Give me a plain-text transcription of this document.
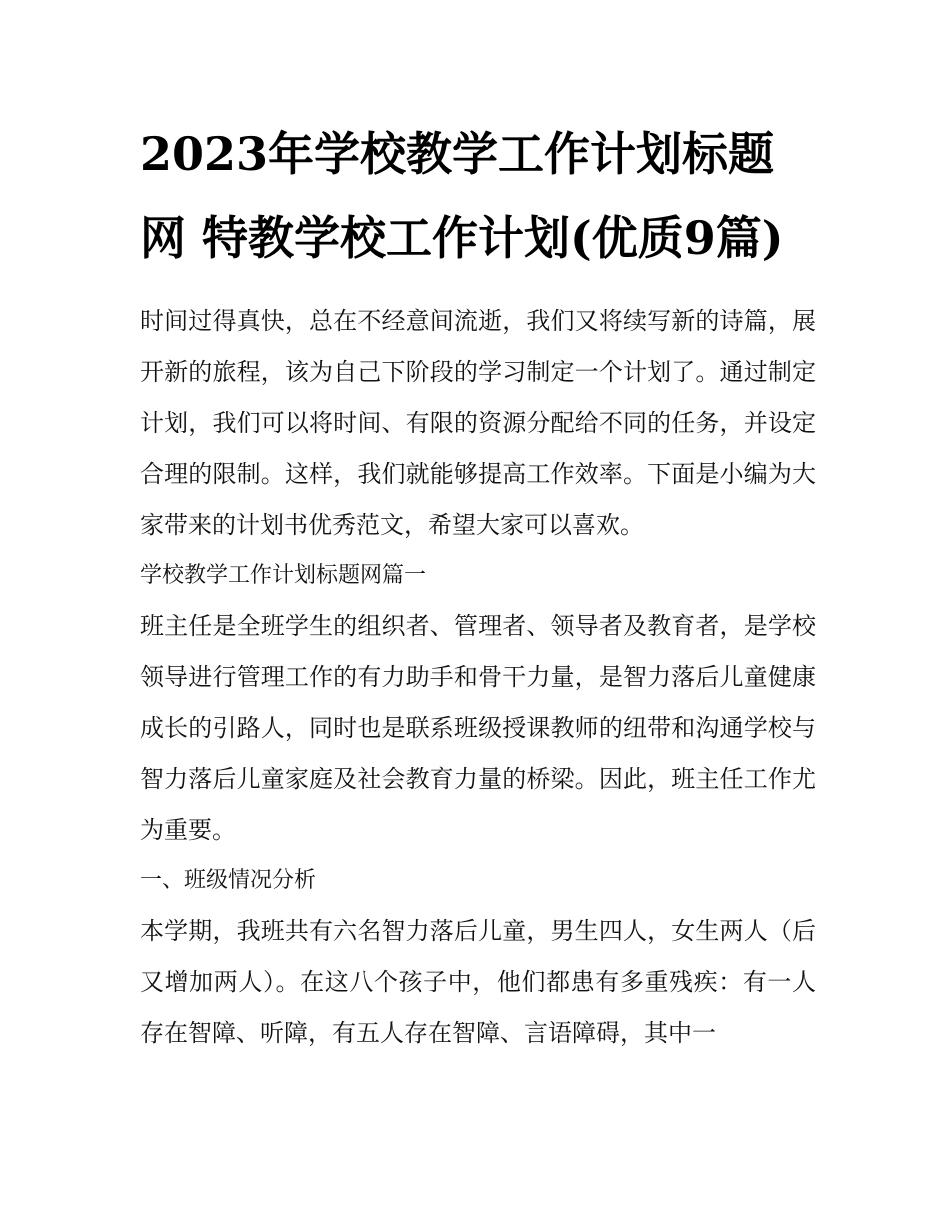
2023年学校教学工作计划标题网 特教学校工作计划(优质9篇)

时间过得真快，总在不经意间流逝，我们又将续写新的诗篇，展开新的旅程，该为自己下阶段的学习制定一个计划了。通过制定计划，我们可以将时间、有限的资源分配给不同的任务，并设定合理的限制。这样，我们就能够提高工作效率。下面是小编为大家带来的计划书优秀范文，希望大家可以喜欢。

学校教学工作计划标题网篇一

班主任是全班学生的组织者、管理者、领导者及教育者，是学校领导进行管理工作的有力助手和骨干力量，是智力落后儿童健康成长的引路人，同时也是联系班级授课教师的纽带和沟通学校与智力落后儿童家庭及社会教育力量的桥梁。因此，班主任工作尤为重要。

一、班级情况分析

本学期，我班共有六名智力落后儿童，男生四人，女生两人（后又增加两人）。在这八个孩子中，他们都患有多重残疾：有一人存在智障、听障，有五人存在智障、言语障碍，其中一
